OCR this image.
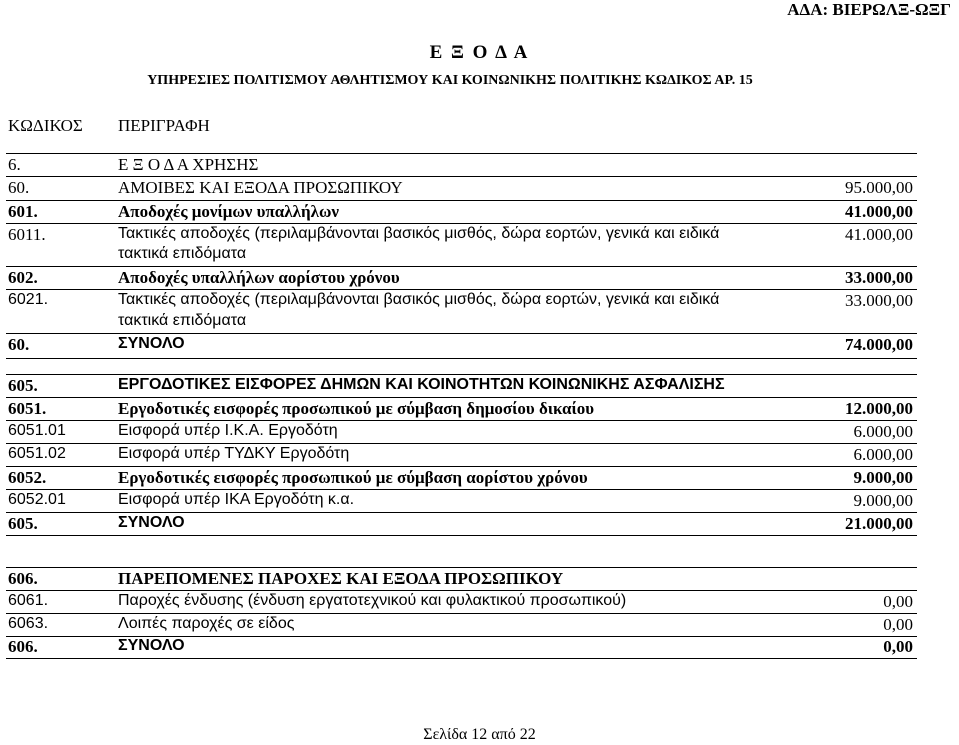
ΑΔΑ: ΒΙΕΡΩΛΞ-ΩΞΓ
Ε Ξ Ο Δ Α
ΥΠΗΡΕΣΙΕΣ ΠΟΛΙΤΙΣΜΟΥ ΑΘΛΗΤΙΣΜΟΥ ΚΑΙ ΚΟΙΝΩΝΙΚΗΣ ΠΟΛΙΤΙΚΗΣ ΚΩΔΙΚΟΣ ΑΡ. 15
ΚΩΔΙΚΟΣ ΠΕΡΙΓΡΑΦΗ
6.	Ε Ξ Ο Δ Α ΧΡΗΣΗΣ
60.	ΑΜΟΙΒΕΣ ΚΑΙ ΕΞΟΔΑ ΠΡΟΣΩΠΙΚΟΥ	95.000,00
601.	Αποδοχές μονίμων υπαλλήλων	41.000,00
6011.	Τακτικές αποδοχές (περιλαμβάνονται βασικός μισθός, δώρα εορτών, γενικά και ειδικά	41.000,00
τακτικά επιδόματα
602.	Αποδοχές υπαλλήλων αορίστου χρόνου	33.000,00
6021.	Τακτικές αποδοχές (περιλαμβάνονται βασικός μισθός, δώρα εορτών, γενικά και ειδικά	33.000,00
τακτικά επιδόματα
60.	ΣΥΝΟΛΟ	74.000,00
605.	ΕΡΓΟΔΟΤΙΚΕΣ ΕΙΣΦΟΡΕΣ ΔΗΜΩΝ ΚΑΙ ΚΟΙΝΟΤΗΤΩΝ ΚΟΙΝΩΝΙΚΗΣ ΑΣΦΑΛΙΣΗΣ
6051.	Εργοδοτικές εισφορές προσωπικού με σύμβαση δημοσίου δικαίου	12.000,00
6051.01	Εισφορά υπέρ Ι.Κ.Α. Εργοδότη	6.000,00
6051.02	Εισφορά υπέρ ΤΥΔΚΥ Εργοδότη	6.000,00
6052.	Εργοδοτικές εισφορές προσωπικού με σύμβαση αορίστου χρόνου	9.000,00
6052.01	Εισφορά υπέρ ΙΚΑ Εργοδότη κ.α.	9.000,00
605.	ΣΥΝΟΛΟ	21.000,00
606.	ΠΑΡΕΠΟΜΕΝΕΣ ΠΑΡΟΧΕΣ ΚΑΙ ΕΞΟΔΑ ΠΡΟΣΩΠΙΚΟΥ
6061.	Παροχές ένδυσης (ένδυση εργατοτεχνικού και φυλακτικού προσωπικού)	0,00
6063.	Λοιπές παροχές σε είδος	0,00
606.	ΣΥΝΟΛΟ	0,00
Σελίδα 12 από 22
